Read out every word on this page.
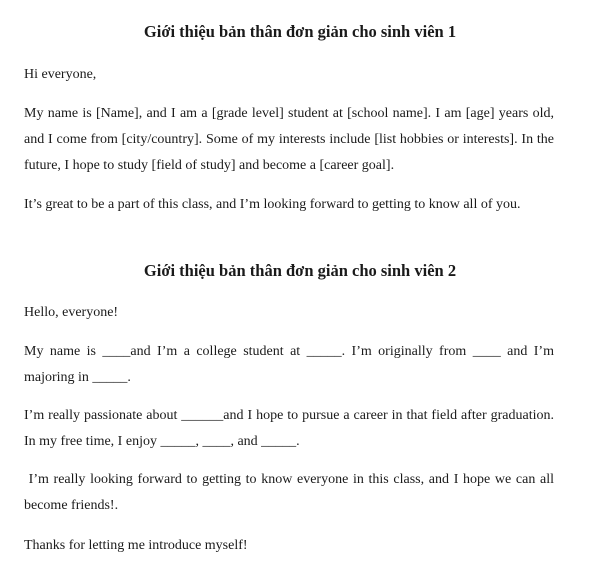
Giới thiệu bản thân đơn giản cho sinh viên 1

Hi everyone,

My name is [Name], and I am a [grade level] student at [school name]. I am [age] years old, and I come from [city/country]. Some of my interests include [list hobbies or interests]. In the future, I hope to study [field of study] and become a [career goal].

It’s great to be a part of this class, and I’m looking forward to getting to know all of you.

Giới thiệu bản thân đơn giản cho sinh viên 2

Hello, everyone!

My name is ____and I’m a college student at _____. I’m originally from ____ and I’m majoring in _____.

I’m really passionate about ______and I hope to pursue a career in that field after graduation. In my free time, I enjoy _____, ____, and _____.

I’m really looking forward to getting to know everyone in this class, and I hope we can all become friends!.

Thanks for letting me introduce myself!
